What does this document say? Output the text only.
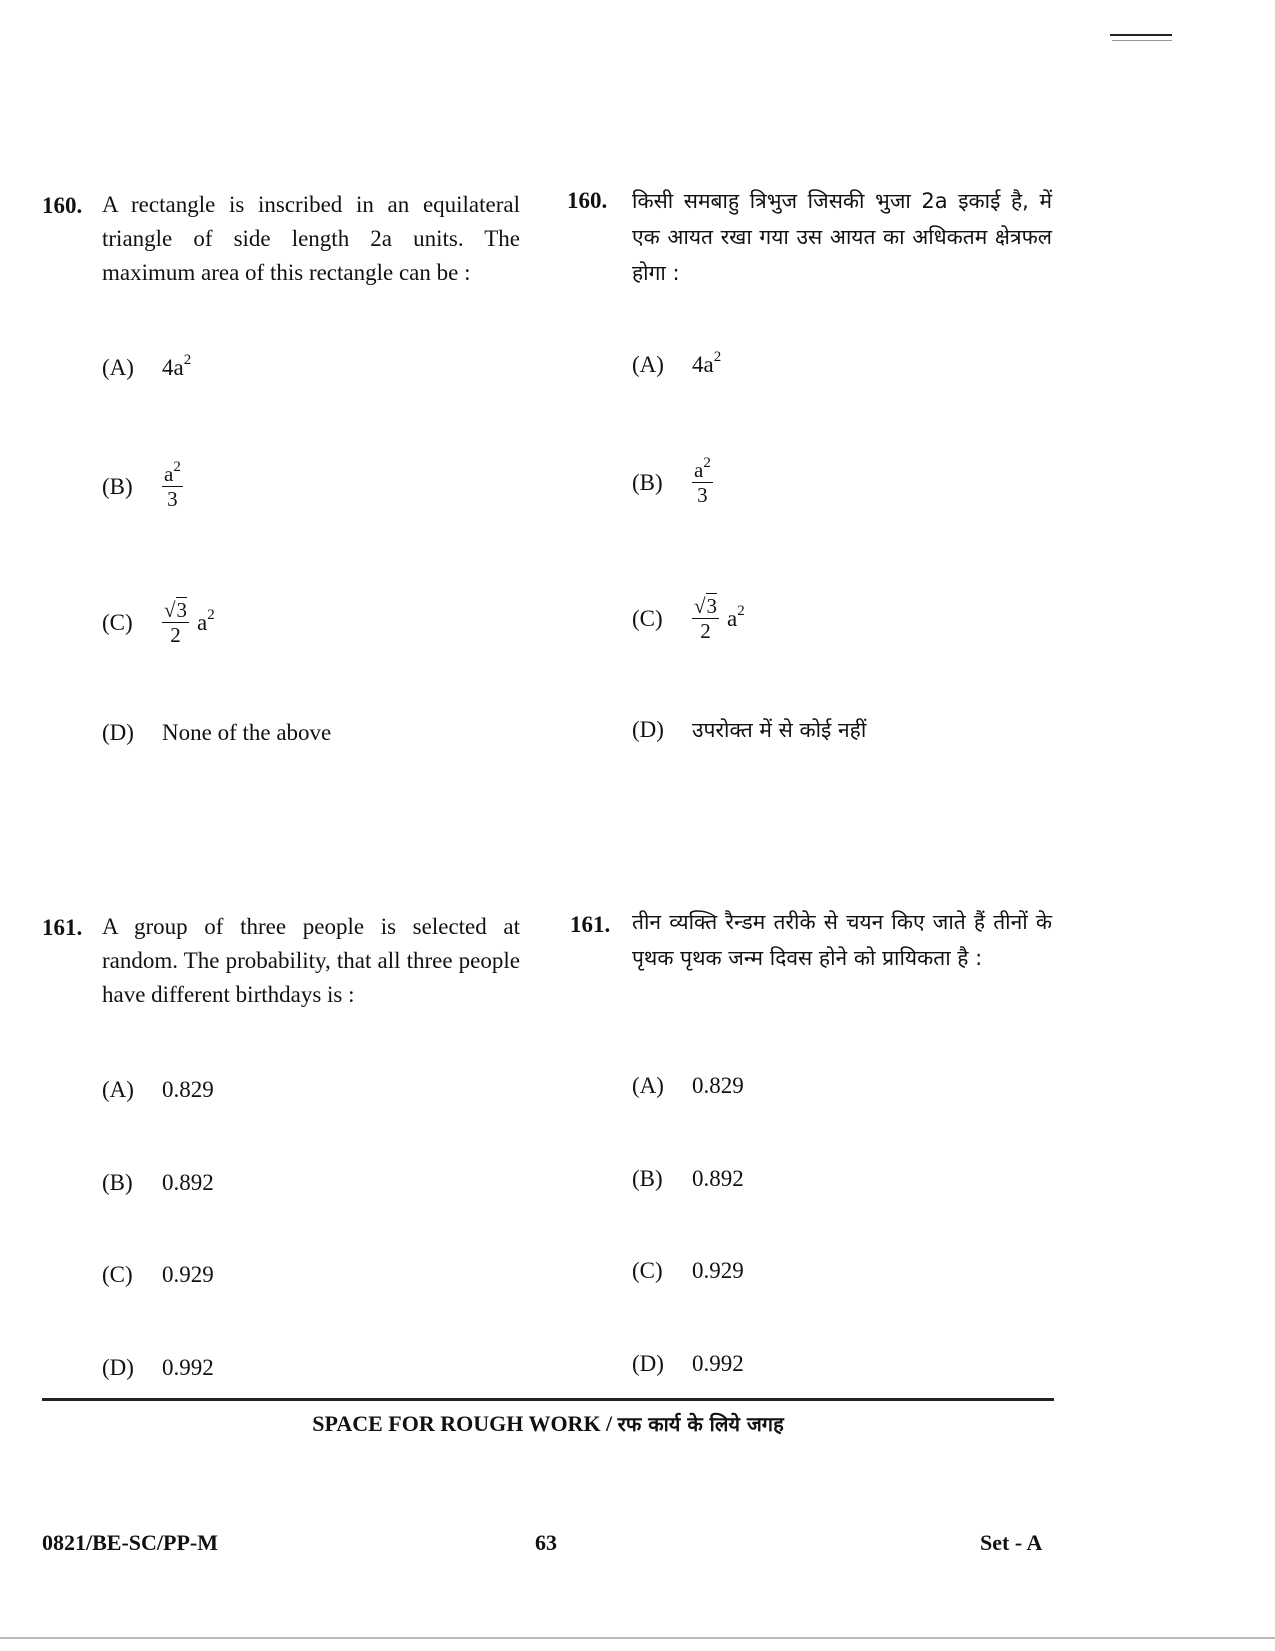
160. A rectangle is inscribed in an equilateral triangle of side length 2a units. The maximum area of this rectangle can be :
(A)	$4a^2$
(B)	$\frac{a^2}{3}$
(C)	$\frac{√3}{2} a^2$
(D)	None of the above
160. किसी समबाहु त्रिभुज जिसकी भुजा 2a इकाई है, में एक आयत रखा गया उस आयत का अधिकतम क्षेत्रफल होगा :
(A)	$4a^2$
(B)	$\frac{a^2}{3}$
(C)	$\frac{√3}{2} a^2$
(D)	उपरोक्त में से कोई नहीं
161. A group of three people is selected at random. The probability, that all three people have different birthdays is :
(A)	0.829
(B)	0.892
(C)	0.929
(D)	0.992
161. तीन व्यक्ति रैन्डम तरीके से चयन किए जाते हैं तीनों के पृथक पृथक जन्म दिवस होने को प्रायिकता है :
(A)	0.829
(B)	0.892
(C)	0.929
(D)	0.992
SPACE FOR ROUGH WORK / रफ कार्य के लिये जगह
0821/BE-SC/PP-M	63	Set - A
